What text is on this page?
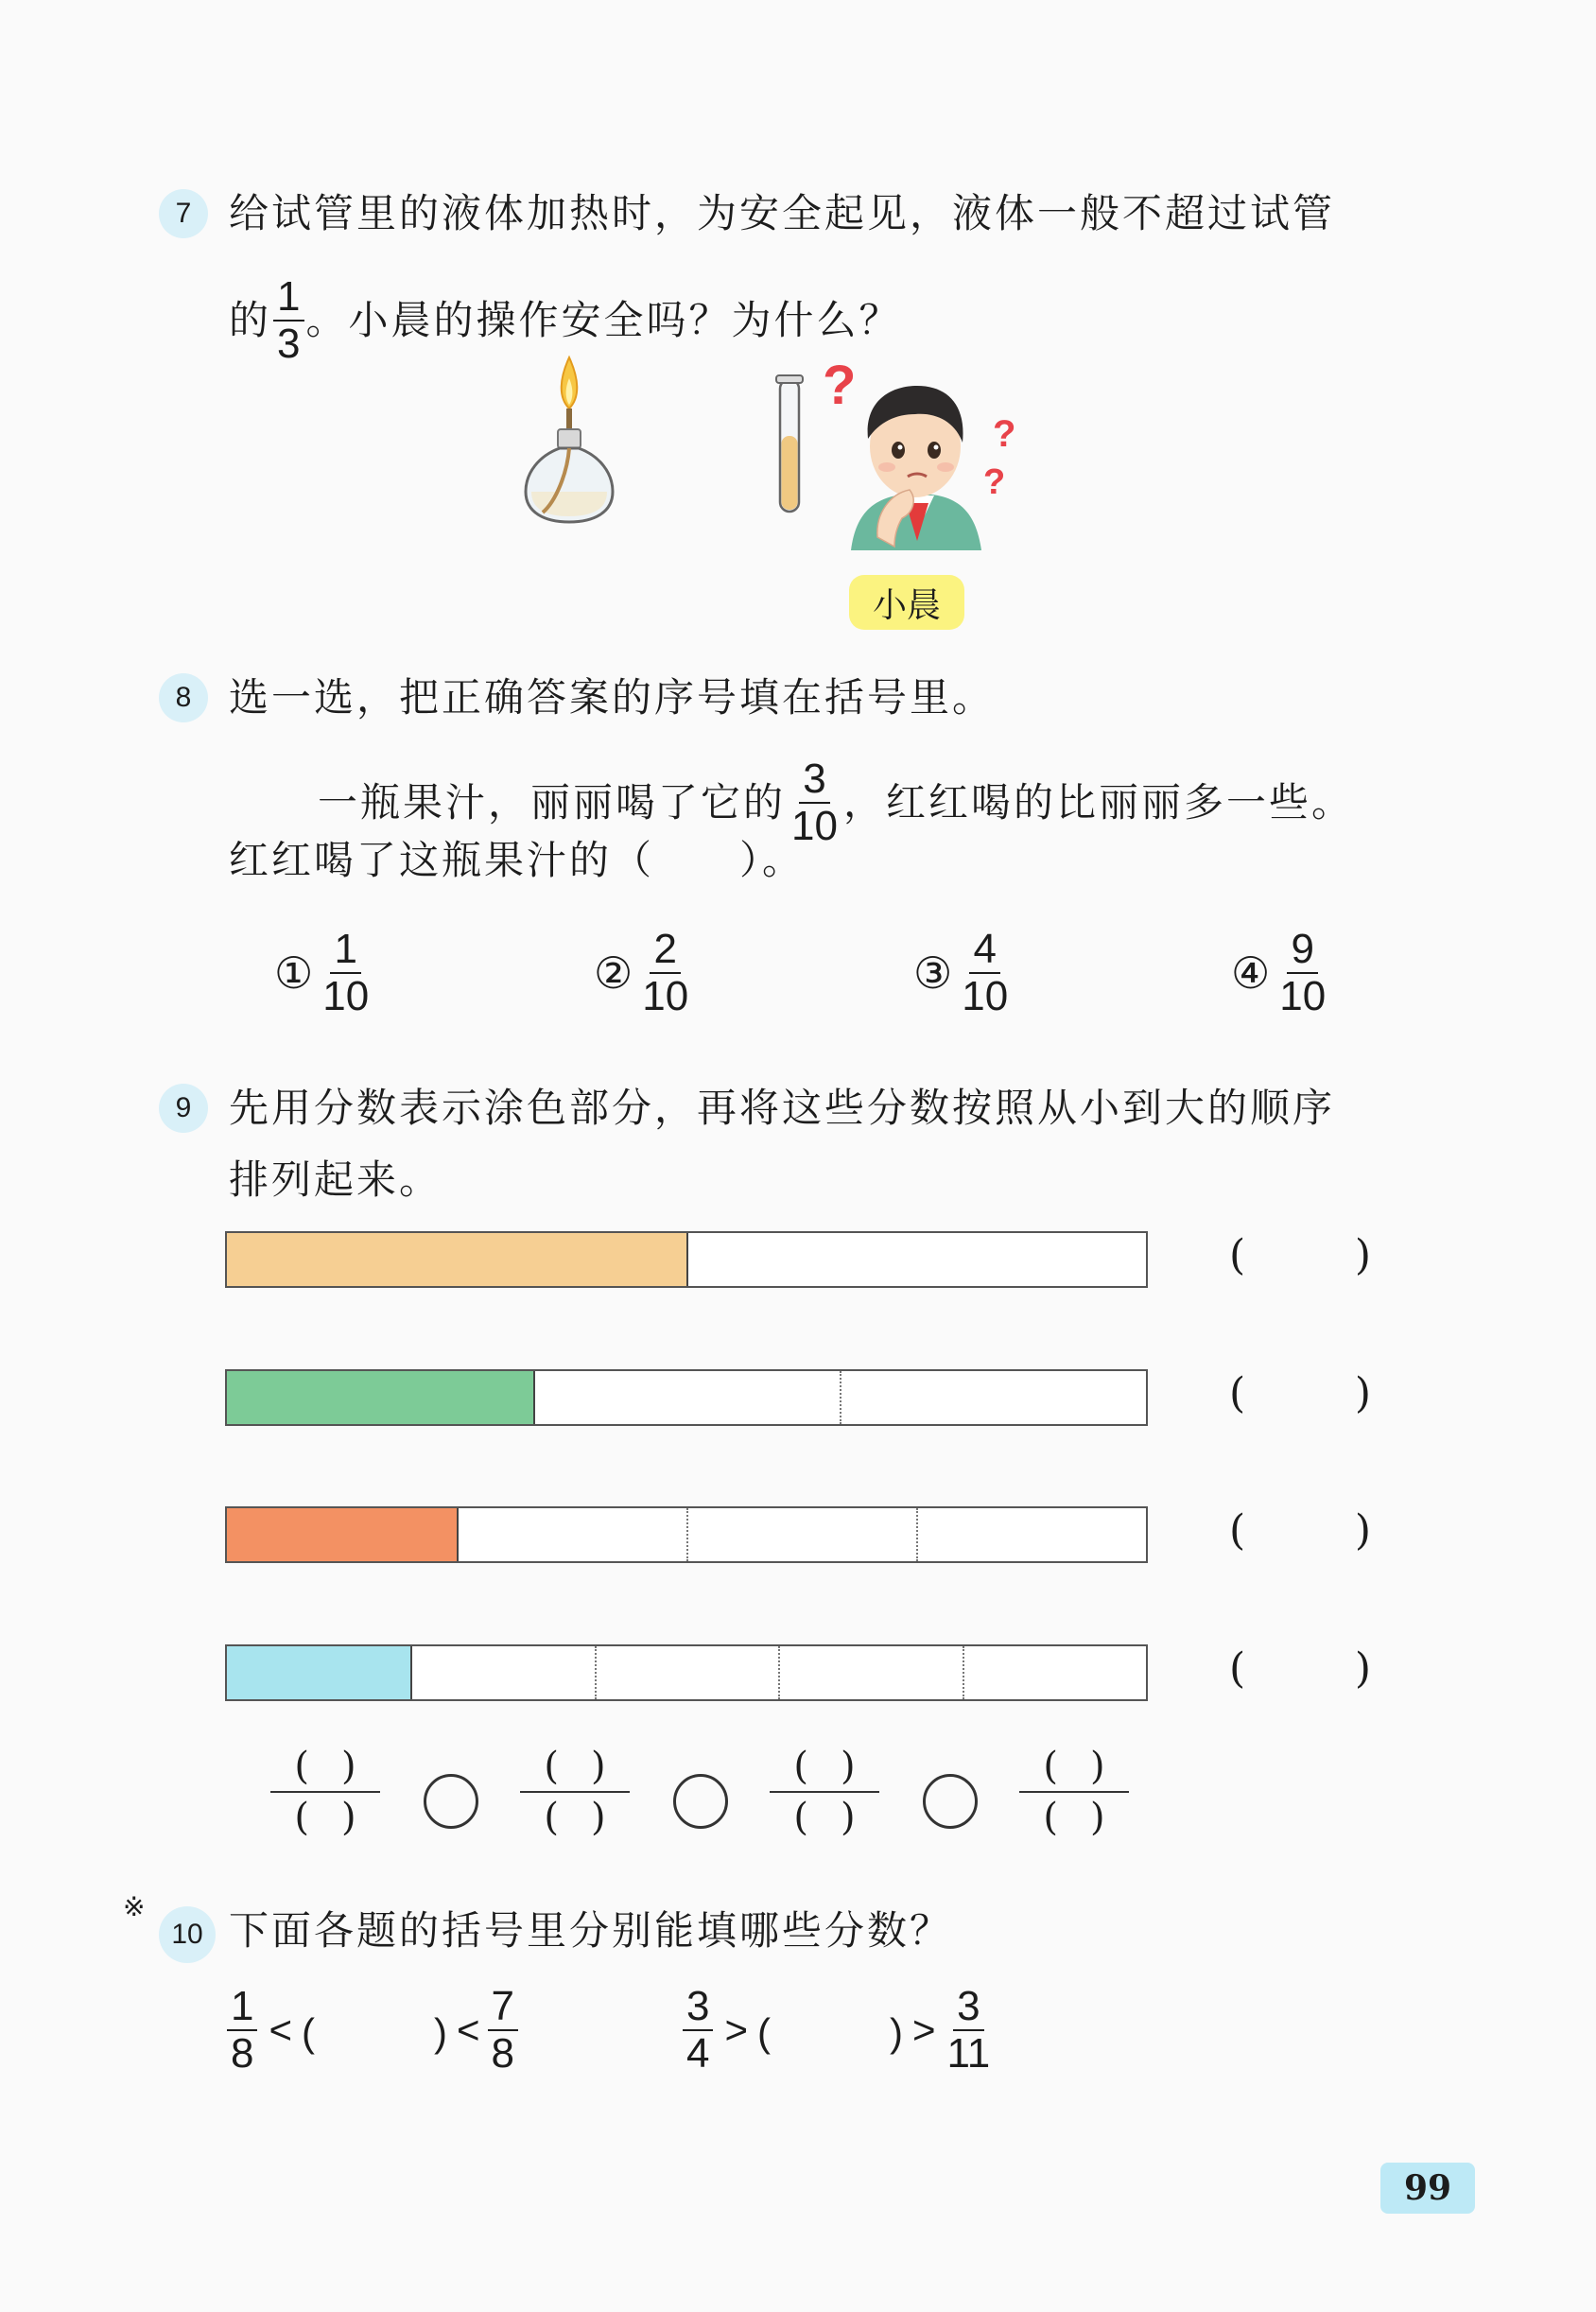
7 给试管里的液体加热时，为安全起见，液体一般不超过试管
的 $\frac{1}{3}$ 。小晨的操作安全吗？为什么？
?
?
?
小晨
8 选一选，把正确答案的序号填在括号里。
一瓶果汁，丽丽喝了它的 $\frac{3}{10}$ ，红红喝的比丽丽多一些。
红红喝了这瓶果汁的（　　）。
① $\frac{1}{10}$	② $\frac{2}{10}$	③ $\frac{4}{10}$	④ $\frac{9}{10}$
9 先用分数表示涂色部分，再将这些分数按照从小到大的顺序
排列起来。
(	)
(	)
(	)
(	)
()
()
()
()
()
()
()
()
※
10 下面各题的括号里分别能填哪些分数？
$\frac{1}{8}$ < (　　　) < $\frac{7}{8}$	$\frac{3}{4}$ > (　　　) > $\frac{3}{11}$
99
